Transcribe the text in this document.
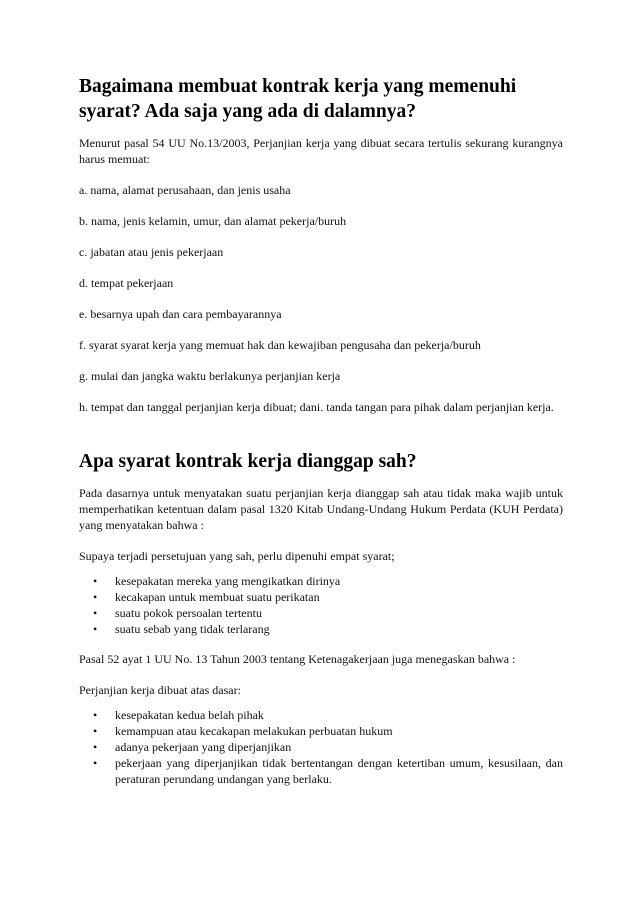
Bagaimana membuat kontrak kerja yang memenuhi syarat? Ada saja yang ada di dalamnya?

Menurut pasal 54 UU No.13/2003, Perjanjian kerja yang dibuat secara tertulis sekurang kurangnya harus memuat:

a. nama, alamat perusahaan, dan jenis usaha

b. nama, jenis kelamin, umur, dan alamat pekerja/buruh

c. jabatan atau jenis pekerjaan

d. tempat pekerjaan

e. besarnya upah dan cara pembayarannya

f. syarat syarat kerja yang memuat hak dan kewajiban pengusaha dan pekerja/buruh

g. mulai dan jangka waktu berlakunya perjanjian kerja

h. tempat dan tanggal perjanjian kerja dibuat; dani. tanda tangan para pihak dalam perjanjian kerja.

Apa syarat kontrak kerja dianggap sah?

Pada dasarnya untuk menyatakan suatu perjanjian kerja dianggap sah atau tidak maka wajib untuk memperhatikan ketentuan dalam pasal 1320 Kitab Undang-Undang Hukum Perdata (KUH Perdata) yang menyatakan bahwa :

Supaya terjadi persetujuan yang sah, perlu dipenuhi empat syarat;

• kesepakatan mereka yang mengikatkan dirinya
• kecakapan untuk membuat suatu perikatan
• suatu pokok persoalan tertentu
• suatu sebab yang tidak terlarang

Pasal 52 ayat 1 UU No. 13 Tahun 2003 tentang Ketenagakerjaan juga menegaskan bahwa :

Perjanjian kerja dibuat atas dasar:

• kesepakatan kedua belah pihak
• kemampuan atau kecakapan melakukan perbuatan hukum
• adanya pekerjaan yang diperjanjikan
• pekerjaan yang diperjanjikan tidak bertentangan dengan ketertiban umum, kesusilaan, dan peraturan perundang undangan yang berlaku.
